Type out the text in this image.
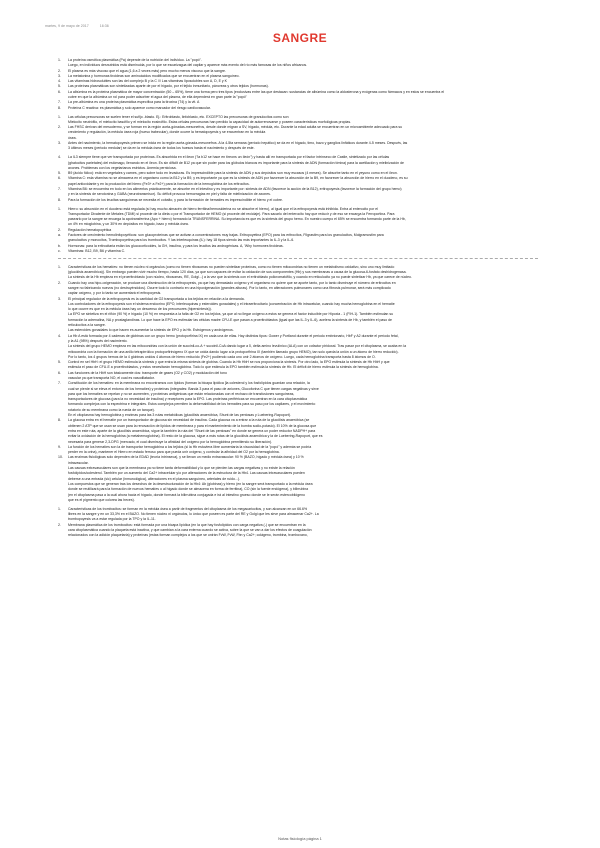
martes, 9 de mayo de 2017	16:36
SANGRE
1. La proteína osmótica plasmática (Pa) depende de la nutrición del individuo. La "popó".
Luego, en individuos desnutridos está disminuida, por lo que se escarizagua del capilar y aparece más evento del río más famosas de los niños africanos.
2. El plasma es más viscoso que el agua (1,6 a 2 veces más) pero mucho menos viscoso que la sangre.
3. La metatonina y hormonas tiroideas son aminoácidos modificados que se encuentran en el plasma sanguíneo.
4. Las vitaminas hidrosolubles son las del complejo B y la C /// Las vitaminas liposolubles son A, D, E y K
5. Las proteínas plasmáticas son sintetizadas aparte de por el hígado, por el tejido inmunitario, páncreas y otros tejidos (hormonas).
6. La albúmina es la proteína plasmática de mayor concentración (50 – 65%), tiene una forma pero tres tipos (exclusivas entre las que destacan: sustancias de albúmina como la aldosterona y exógenas como fármacos y en estos se encuentra el
cubre en que la albúmina un rol para poder adsorber el agua del plasma, de ella dependerá en gran parte la "popó"
7. La pre-albúmina es una proteína plasmática específica para la tiroxina (T4) y la vit. A
8. Proteína C reactiva: es plasmática y solo aparece como marcador del riesgo cardiovascular.
1. Las células precursoras se suelen tener el sufijo -blasto. Ej.: Eritroblasto, linfoblasto, etc. EXCEPTO las precursoras de granulocitos como son
Mielocito neutrófilo, el mielocito basófilo y el mielocito eosinófilo. Estas células precursoras han perdido la capacidad de autorrenovarse y poseen características morfológicas propias.
2. Las FHSC derivan del mesodermo, y se forman en la región aorta-gónadas-mesonefros, desde donde migran a SV, hígado, médula, etc. Durante la edad adulta se encuentran en un microambiente adecuado para su
crecimiento y regulación, la médula ósea roja (hueso trabecular), donde ocurre la hematopoyesis y se encuentran en la médula
ósea.
3. Antes del nacimiento, la hematopoyesis primero se inicia en la región aorta-gónada-mesonefros. A la 4-5ta semana (periodo hepático) se da en el hígado, timo, bazo y ganglios linfáticos durante 4-5 meses. Después, las
3 últimos meses (periodo medular) se da en la médula ósea de todos los huesos hasta el nacimiento y después de este.
4. La IL3 siempre tiene que ver transportada por proteínas. Es absorbida en el íleon ("la b12 se hace en tíreons un íleón") y hasta allí en transportada por el factor intrínseco de Castle, sintetizado por las células
(ghatocitos parietales) del estómago, llenando en el íleon. Es sin dificilt de B12 ya que sin poder para los glóbulos blancos es importante para la síntesis de ADN (formación tímina) para la acetilación y mielinización de
axones. Problemas con los vegetarianos estrictos. Anemia perniciosa.
5. B9 (ácido fólico): está en vegetales y carnes, pero sobre todo en levaduras. Es imprescindible para la síntesis de ADN y sus depósitos son muy escasos (4 meses). Se absorbe tanto en el yeyuno como en el íleon.
6. Vitamina C: esta vitamina no se almacena en el organismo como la B12 y la B9, y es importante ya que es la síntesis de ADN por favorecer la absorción de la B9, en favorecer la absorción de hierro en el duodeno, es su
papel antioxidante y en la producción del hierro (Fe3+ a Fe2+) para la formación de la hemoglobina de los eritrocitos.
7. Vitamina B6: se encuentra en todo en los alimentos prácticamente, se absorbe en el intestino y es importante por: síntesis de ADN (favorece la acción de la B12), eritropoyesis (favorece la formación del grupo hemo)
y en la síntesis de serotonina y GABA (neurotransmisor). Su déficit provoca hemorragias en piel y falta de mielinización de axones.
8. Para la formación de los leucitas sanguíneas se necesita el cobalto, y para la formación de hematíes es imprescindible el hierro y el cobre.
1. Hierro: su absorción en el duodeno está regulada (sí hay mucho almacén de hierro ferritina/hemosiderina no se absorbe el hierro), al igual que el la eritropoyesis está inhibida. Entra al enterocito por el
Transportador Divalente de Metales (TDMI) si procede de la dieta o por el Transportador de HEMO (si procede del reciclaje). Para sacarlo del enterocito hay que reducir y de eso se encarga la Ferroportina. Para
pasearlo por la sangre se encarga la apotransferrina (Apo + hierro) formando la TRANSFERRINA. Su importancia es que es la síntesis del grupo hemo. En nuestro cuerpo el 65% se encuentra formando parte de la Hb,
un 4% en mioglobina, y un 30% en depósitos en hígado, bazo y médula ósea.
2. Regulación hematopoyética
a. Factores de crecimiento hemolinfopoyéticos: son glucoproteínas que se activan a concentraciones muy bajas. Eritropoyetina (EPO) para los eritrocitos, Filgrastim para los granulocitos, Molgramostim para
granulocitos y monocitos, Trombopoyetina para los trombocitos. Y las interleuquinas (IL): hay 18 tipos siendo las más importantes la IL-3 y la IL-6.
b. Hormonas: para la eritrocitaria están los glucocorticoides, la GH, insulina, y para los leucitos las androgénicas. A, 'Why hormones tiroideas.
c. Vitaminas: B12, B9, B6 y vitamina C.
1. Características de los hematíes: no tienen núcleo ni orgánulos (como no tienen ribosomas no pueden sintetizar proteínas, como no tienen mitocondrias no tienen un metabolismo oxidativo, sino uno muy limitado
(glucólisis anaeróbica)). Sin embargo pueden vivir mucho tiempo, hasta 120 días, ya que son capaces de evitar la oxidación de sus componentes (Hb) y sus membranas a causa de la glucosa-6-fosfato deshidrogenasa.
La síntesis de la Hb empieza en el proeritroblasto (con núcleo, ribosomas, RE, Golgi...) a la vez que la síntesis con el eritroblasto policromatófilo, y cuando en reticulocito ya no puede sintetizar Hb, ya que carece de núcleo.
2. Cuando hay una hipo-oxigenación, se produce una disminución de la eritropoyesis, ya que hay demasiado oxígeno y el organismo no quiere que se aporte tanto, por lo tanto disminuye el número de eritrocitos en
sangre no fabricando nuevos (no destruyéndolos). Ocurre todo lo contrario en una hipoxigenación (grandes alturas). Por lo tanto, en alteraciones pulmonares como una fibrosis pulmonar, será más complicado
captar oxígeno, y por lo tanto se aumentará el eritropoyesis.
3. El principal regulador de la eritropoyesis es la cantidad de O2 transportada a los tejidos en relación a la demanda.
Los controladores de la eritropoyesis son el sistema endocrino (EPO, interleuquinas y esteroides gonadales) y el intraeritrocitario (concentración de Hb intracelular, cuando hay mucha hemoglobina en el hematíe
lo que ocurre es que en la médula ósea hay un descenso de los precursores (hipersíntesis)).
La EPO se sintetiza en el riñón (90 %) e hígado (10 %) en respuesta a la falta de O2 en los tejidos, ya que al no llegar oxígeno a estos se genera el factor inducible por Hipoxia - 1 (FIH-1). También estimulan su
formación la adrenalina, NA y prostaglandinas. Lo que hace la EPO es estimular las células madre CFU-E que pasan a proeritroblastos (igual que las IL-3 y IL-6), acelera la síntesis de Hb, y también el paso de
reticulocitos a la sangre.
Las esteroides gonadales lo que hacen es aumentar la síntesis de EPO y la Hb. Estrógenos y andrógenos.
4. La Hb A está formada por 4 cadenas de globinas con un grupo hemo (protoporfirina IX) en cada una de ellas. Hay distintos tipos: Gower y Portland durante el periodo embrionario, HbF y A2 durante el período fetal,
y la A1 (98%) después del nacimiento.
La síntesis del grupo HEMO empieza en las mitocondrias con la unión de succinil-co-A + succinil-CoA dando lugar a δ, delta amino levulínico (ALA) con un cofactor piridoxal. Tras pasar por el citoplasma, se acaba en la
mitocondria con la formación de una anillo tetrapirrólico protoporfirinógeno IX que se oxida dando lugar a la protoporfirina IX (también llamado grupo HEMO), tan solo queda la unión a un átomo de hierro reducido).
Por lo tanto, los 4 grupos hemos de la 4 globinas unidos 4 átomos de hierro reducido (Fe2+) pudiendo cada uno unir 2 átomos de oxígeno. Luego, cada hemoglobina transporta hasta 8 átomos de O.
5. Control en sel HbH: el grupo HEMO estimula la síntesis y que entra la misma síntesis de globina. Cuando la Hb HbH se nos proporciona la síntesis. Por otro lado, la EPO estimula la síntesis de Hb HbH y que
estimula el paso de CFU-E a proeritroblastos, y estos necesitarán hemoglobina. Todo lo que estimula la EPO también estimula la síntesis de Hb. El déficit de hierro estimula la síntesis de hemoglobina.
6. Las funciones de la HbH son básicamente dos: transporte de gases (O2 y CO2) y modulación del tono
vascular ya que transporta NO, el cual es vasodilatador.
7. Constitución de los hematíes: en la membrana no encontramos con lípidos (forman la bicapa lipídica [la colesterol y los fosfolípidos guardan una relación, la
cual se pierde si se eleva el entorno de los hematíes) y proteínas (integrales: Banda 3 para el paso de aniones, Glucoforina C que tienen cargas negativas y sirve
para que los hematíes se repelan y no se aumenten, y proteínas antigénicas que están relacionadas con el rechazo de transfusiones sanguíneas,
transportadores de glucosa (para la no necesidad de insulina) y receptores para la EPO. Las proteínas periféricas se encuentran en la cara citoplasmática
formando complejos con la espectrina e integrales. Estos complejos permiten la deformabilidad de los hematíes para su paso por los capilares, y el movimiento
rotatorio de su membrana como la rueda de un tanque).
En el citoplasma hay hemoglobina y enzimas para las 3 rutas metabólicas (glucólisis anaeróbica, Shunt de las pentosas y Luebering-Rapoport).
8. La glucosa entra en el hematíe por un transportador de glucosa sin necesidad de insulina. Cada glucosa va a entrar a la ruta de la glucólisis anaeróbica (se
obtienen 2 ATP que se usan se usan para la renovación de lípidos de membrana y para el mantenimiento de la bomba sodio-potasio). El 10% de la glucosa que
entra en este ruta, aparte de la glucólisis anaeróbica, sigue la también la ruta del "Shunt de las pentosas" en donde se genera un poder reductor NADPH+ para
evitar la oxidación de la hemoglobina (a metahemoglobina). El resto de la glucosa, sigue a más rutas de la glucólisis anaeróbica y la de Luebering-Rapoport, que es
necesaria para generar 2,3-DPG (mercado, el cual disminuye la afinidad del oxígeno por la hemoglobina permitiendo su liberación).
9. La función de los hematíes son la de transportar hemoglobina a los tejidos (si la Hb estuviera libre aumentaría la viscosidad de la "popó" y además se podría
perder en la orina), mantener el Hierro en estado ferroso para que pueda unir oxígeno, y controlar la afinidad del O2 por la hemoglobina.
10. Las enzimas fisiológicas solo dependen de la EDAD (teoría intrínseca), y se llevan un medio extravascular: 90 % (BAZO, hígado y médula ósea) y 10 %
intravascular.
Las causas extravasculares son que la membrana ya no tiene tanta deformabilidad y lo que se pierden las cargas negativas y no existe la relación
fosfolípidos/colesterol. También por un aumento del Ca2+ intracelular y/o por alteraciones de la estructura de la Hb4. Las causas intravasculares pueden
deberse a una entrada (sic) celular (inmunológica), alteraciones en el plasma sanguíneo, arteriales de ruido...).
Los compuestos que se generan tras los desechos de la desestructuración de la Hb4: Ab (globinas) y hierro (en la sangre será transportado a la médula ósea
donde se reutilizará para la formación de nuevos hematíes o al hígado donde se almacena en forma de ferritina), CO (sin la fuente endógena), y bilirrubina
(en el citoplasma pasa a la cuál ahora hacia el hígado, donde formará la bilirrubina conjugada e irá al intestino grueso donde se le serán estercobilógeno
que es el pigmento que colorea las heces).
1. Características de los trombocitos: se forman en la médula ósea a partir de fragmentos del citoplasma de los megacariocitos, y son alcanzan en un 66.6%
libres en la sangre y en un 33,3% en el BAZO. No tienen núcleo ni orgánulos, lo único que poseen es parte del RE y Golgi que les sirve para almacenar Ca2+. La
trombopoyesis va a estar regulada por la TPO y la IL-11.
2. Membrana plasmática de los trombocitos: está formada por una bicapa lipídica (en la que hay fosfolípidos con carga negativa (-) que se encuentran en la
cara citoplasmática cuando la plaqueta está inactiva, y que cambian a la cara externa cuando se activa, sobre la que se van a dar los efectos de coagulación
relacionados con la adición plaquetaria) y proteínas (estas forman complejos a los que se unirán FvW, FvW, Fbn y Ca2+; colágeno, trombina, tromboxano,
Notas fisiología página 1
